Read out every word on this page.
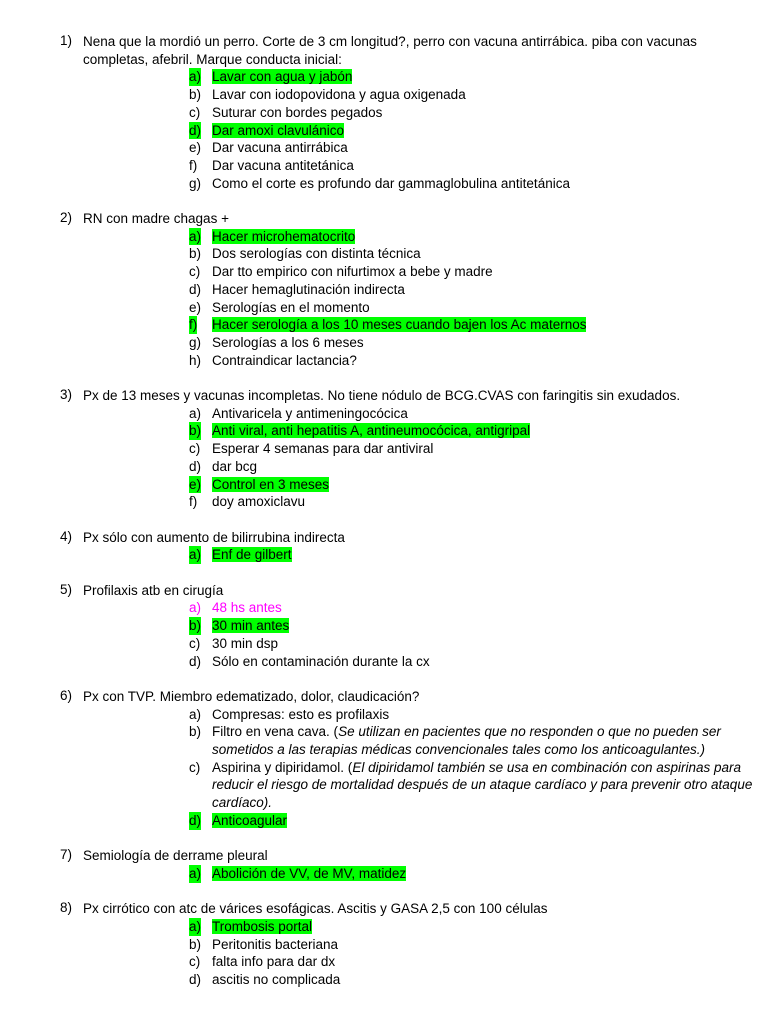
1) Nena que la mordió un perro. Corte de 3 cm longitud?, perro con vacuna antirrábica. piba con vacunas completas, afebril. Marque conducta inicial:
a) Lavar con agua y jabón
b) Lavar con iodopovidona y agua oxigenada
c) Suturar con bordes pegados
d) Dar amoxi clavulánico
e) Dar vacuna antirrábica
f) Dar vacuna antitetánica
g) Como el corte es profundo dar gammaglobulina antitetánica
2) RN con madre chagas +
a) Hacer microhematocrito
b) Dos serologías con distinta técnica
c) Dar tto empirico con nifurtimox a bebe y madre
d) Hacer hemaglutinación indirecta
e) Serologías en el momento
f) Hacer serología a los 10 meses cuando bajen los Ac maternos
g) Serologías a los 6 meses
h) Contraindicar lactancia?
3) Px de 13 meses y vacunas incompletas. No tiene nódulo de BCG.CVAS con faringitis sin exudados.
a) Antivaricela y antimeningocócica
b) Anti viral, anti hepatitis A, antineumocócica, antigripal
c) Esperar 4 semanas para dar antiviral
d) dar bcg
e) Control en 3 meses
f) doy amoxiclavu
4) Px sólo con aumento de bilirrubina indirecta
a) Enf de gilbert
5) Profilaxis atb en cirugía
a) 48 hs antes
b) 30 min antes
c) 30 min dsp
d) Sólo en contaminación durante la cx
6) Px con TVP. Miembro edematizado, dolor, claudicación?
a) Compresas: esto es profilaxis
b) Filtro en vena cava. (Se utilizan en pacientes que no responden o que no pueden ser sometidos a las terapias médicas convencionales tales como los anticoagulantes.)
c) Aspirina y dipiridamol. (El dipiridamol también se usa en combinación con aspirinas para reducir el riesgo de mortalidad después de un ataque cardíaco y para prevenir otro ataque cardíaco).
d) Anticoagular
7) Semiología de derrame pleural
a) Abolición de VV, de MV, matidez
8) Px cirrótico con atc de várices esofágicas. Ascitis y GASA 2,5 con 100 células
a) Trombosis portal
b) Peritonitis bacteriana
c) falta info para dar dx
d) ascitis no complicada
